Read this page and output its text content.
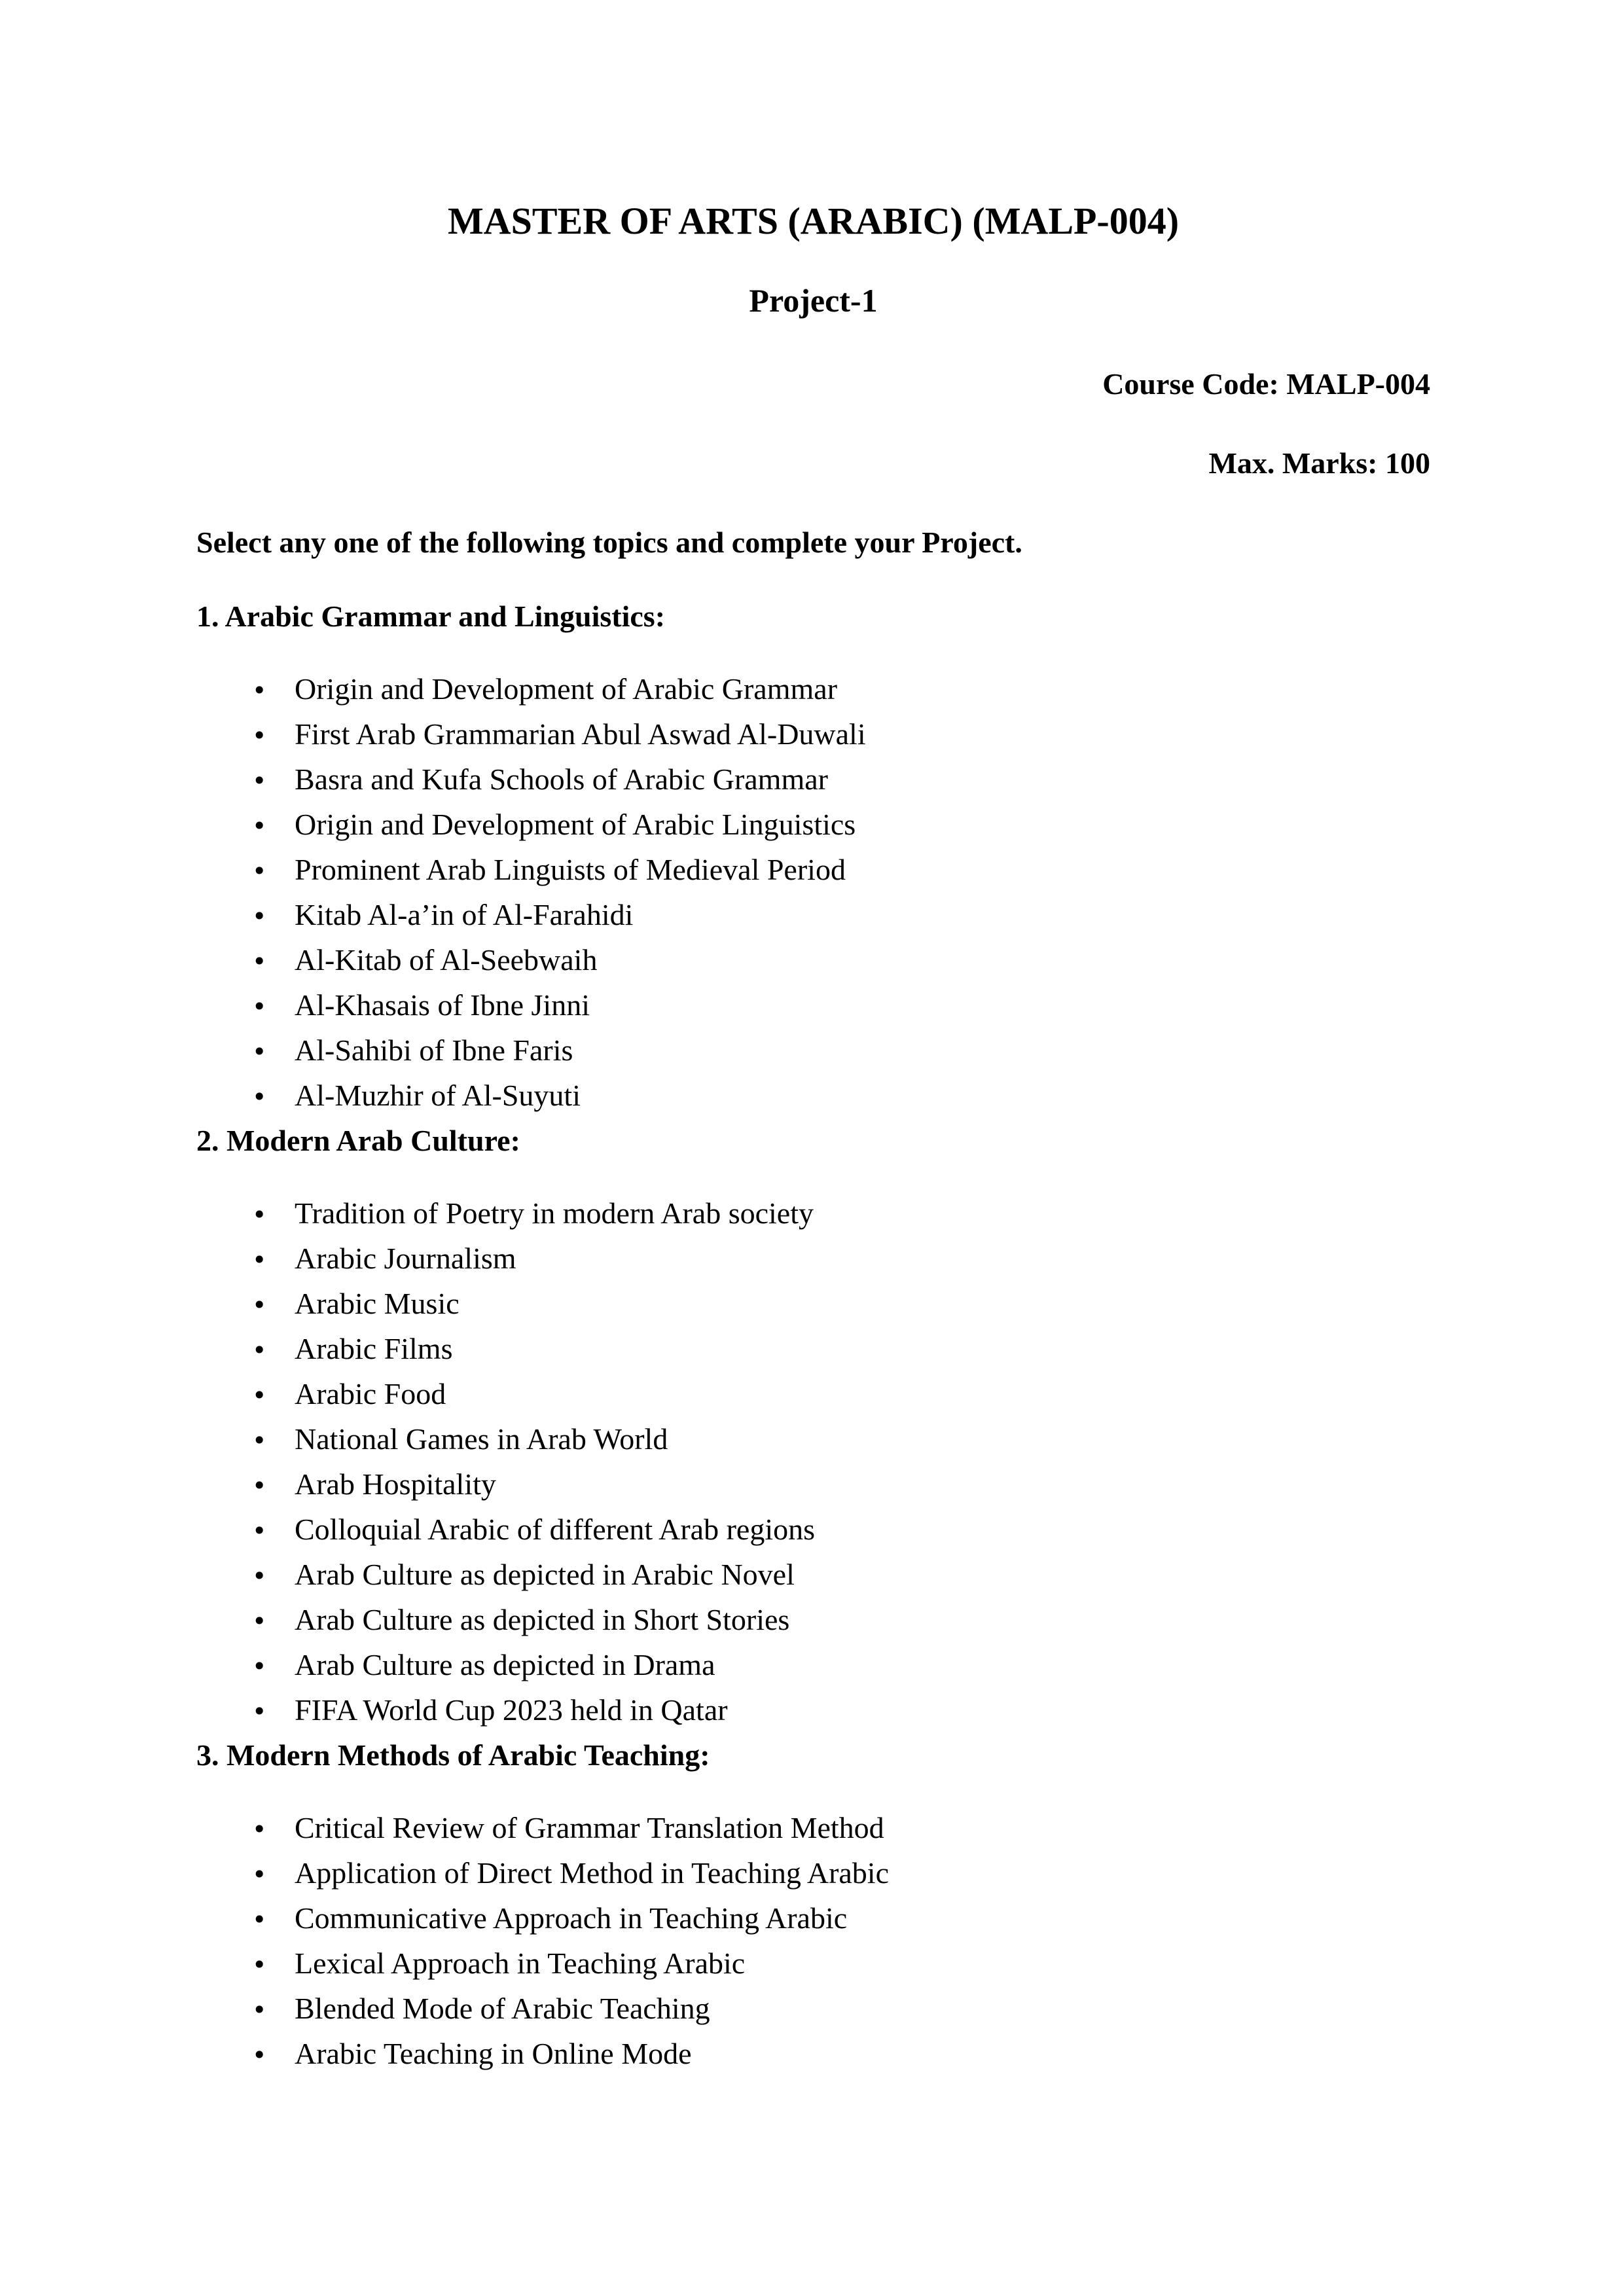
MASTER OF ARTS (ARABIC) (MALP-004)
Project-1

Course Code: MALP-004

Max. Marks: 100

Select any one of the following topics and complete your Project.

1. Arabic Grammar and Linguistics:

• Origin and Development of Arabic Grammar
• First Arab Grammarian Abul Aswad Al-Duwali
• Basra and Kufa Schools of Arabic Grammar
• Origin and Development of Arabic Linguistics
• Prominent Arab Linguists of Medieval Period
• Kitab Al-a’in of Al-Farahidi
• Al-Kitab of Al-Seebwaih
• Al-Khasais of Ibne Jinni
• Al-Sahibi of Ibne Faris
• Al-Muzhir of Al-Suyuti

2. Modern Arab Culture:

• Tradition of Poetry in modern Arab society
• Arabic Journalism
• Arabic Music
• Arabic Films
• Arabic Food
• National Games in Arab World
• Arab Hospitality
• Colloquial Arabic of different Arab regions
• Arab Culture as depicted in Arabic Novel
• Arab Culture as depicted in Short Stories
• Arab Culture as depicted in Drama
• FIFA World Cup 2023 held in Qatar

3. Modern Methods of Arabic Teaching:

• Critical Review of Grammar Translation Method
• Application of Direct Method in Teaching Arabic
• Communicative Approach in Teaching Arabic
• Lexical Approach in Teaching Arabic
• Blended Mode of Arabic Teaching
• Arabic Teaching in Online Mode
